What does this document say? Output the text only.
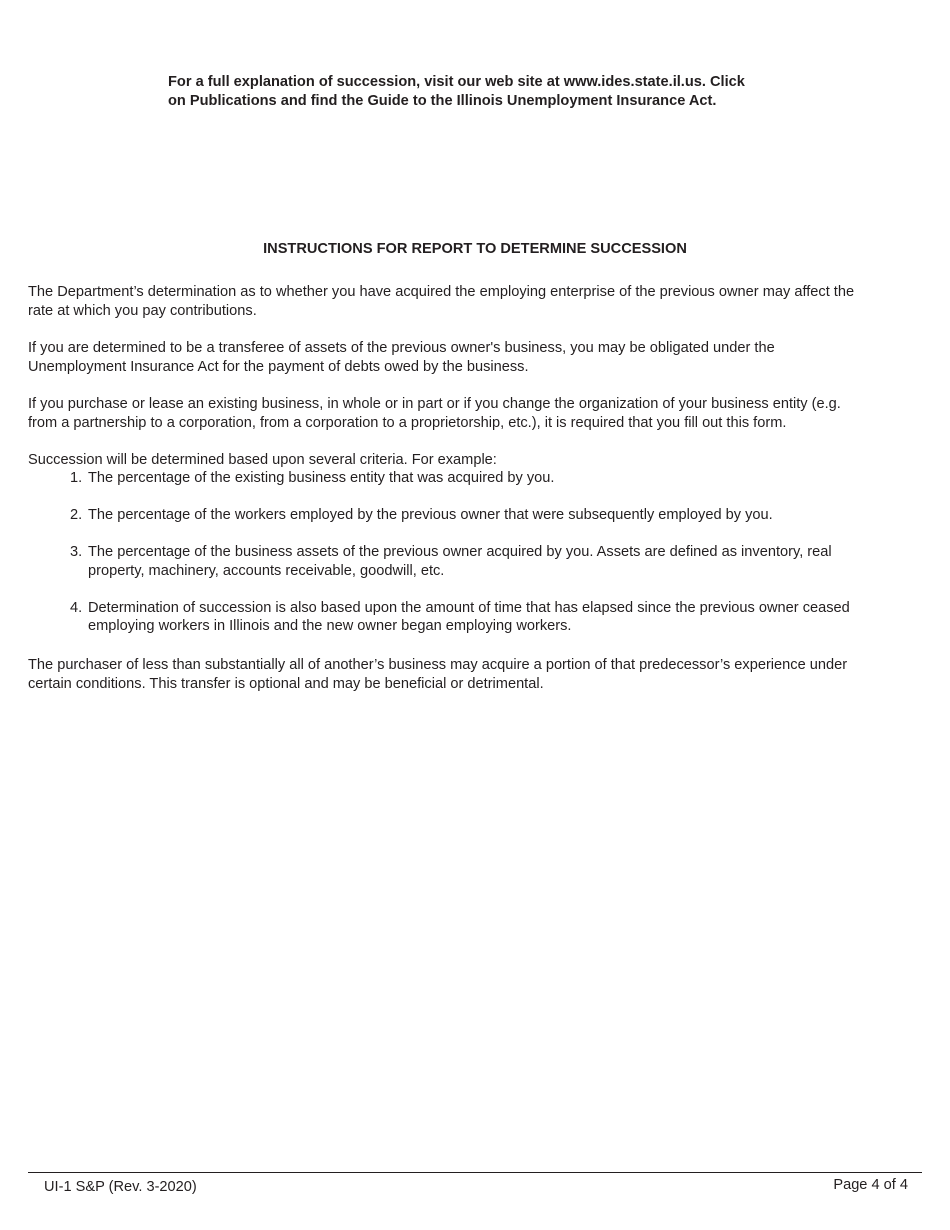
For a full explanation of succession, visit our web site at www.ides.state.il.us. Click

on Publications and find the Guide to the Illinois Unemployment Insurance Act.

INSTRUCTIONS FOR REPORT TO DETERMINE SUCCESSION

The Department’s determination as to whether you have acquired the employing enterprise of the previous owner may affect the

rate at which you pay contributions.

If you are determined to be a transferee of assets of the previous owner's business, you may be obligated under the

Unemployment Insurance Act for the payment of debts owed by the business.

If you purchase or lease an existing business, in whole or in part or if you change the organization of your business entity (e.g.

from a partnership to a corporation, from a corporation to a proprietorship, etc.), it is required that you fill out this form.

Succession will be determined based upon several criteria. For example:

1. The percentage of the existing business entity that was acquired by you.
2. The percentage of the workers employed by the previous owner that were subsequently employed by you.
3. The percentage of the business assets of the previous owner acquired by you. Assets are defined as inventory, real
property, machinery, accounts receivable, goodwill, etc.
4. Determination of succession is also based upon the amount of time that has elapsed since the previous owner ceased
employing workers in Illinois and the new owner began employing workers.

The purchaser of less than substantially all of another’s business may acquire a portion of that predecessor’s experience under

certain conditions. This transfer is optional and may be beneficial or detrimental.

UI-1 S&P (Rev. 3-2020)	Page 4 of 4
